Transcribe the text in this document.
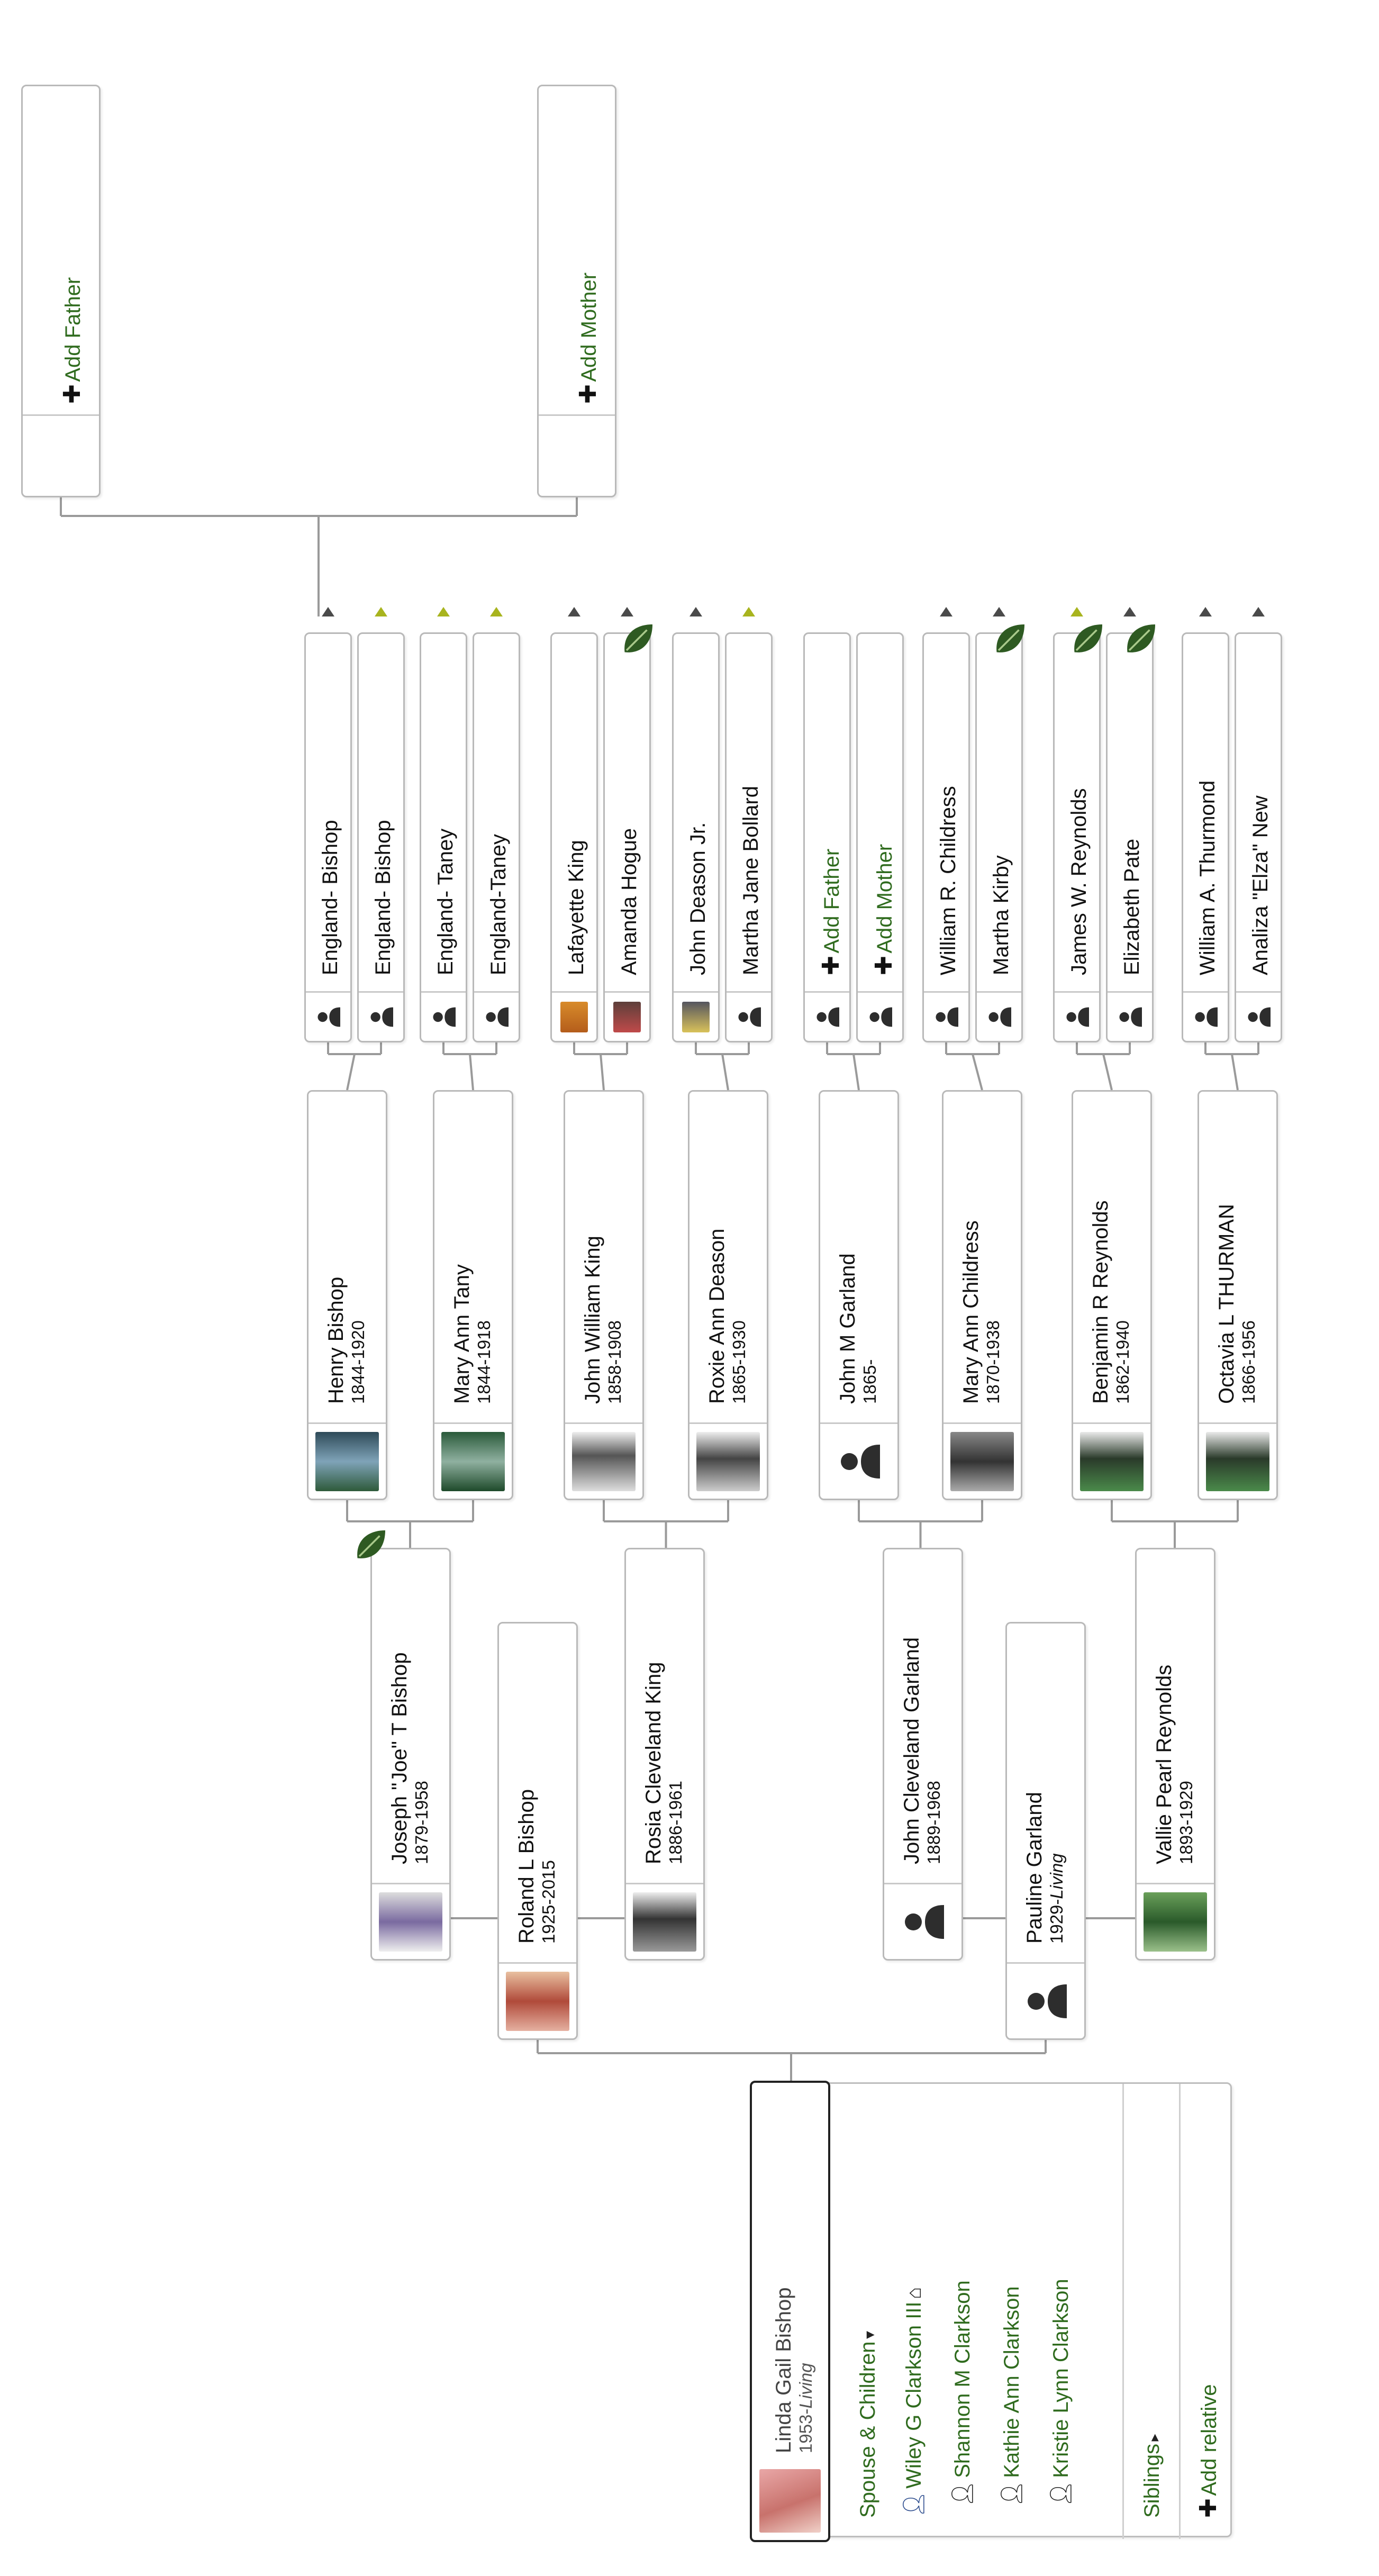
✚ Add Father
✚ Add Mother
England- Bishop England- Bishop England- Taney England-Taney	Lafayette King Amanda Hogue John Deason Jr. Martha Jane Bollard ✚ Add Father
✚ Add Mother William R. Childress Martha Kirby	James W. Reynolds Elizabeth Pate William A. Thurmond Analiza "Elza" New
Henry Bishop 1844-1920	Mary Ann Tany 1844-1918	John William King 1858-1908	Roxie Ann Deason 1865-1930	John M Garland 1865-	Mary Ann Childress 1870-1938	Benjamin R Reynolds 1862-1940	Octavia L THURMAN 1866-1956
Joseph "Joe" T Bishop 1879-1958	Rosia Cleveland King 1886-1961	John Cleveland Garland 1889-1968	Vallie Pearl Reynolds 1893-1929
Roland L Bishop 1925-2015	Pauline Garland 1929-Living
Linda Gail Bishop 1953-Living Spouse & Children ▾
👤︎ Wiley G Clarkson III ⌂
👤︎ Shannon M Clarkson
👤︎ Kathie Ann Clarkson
👤︎ Kristie Lynn Clarkson
Siblings ▸
✚ Add relative
